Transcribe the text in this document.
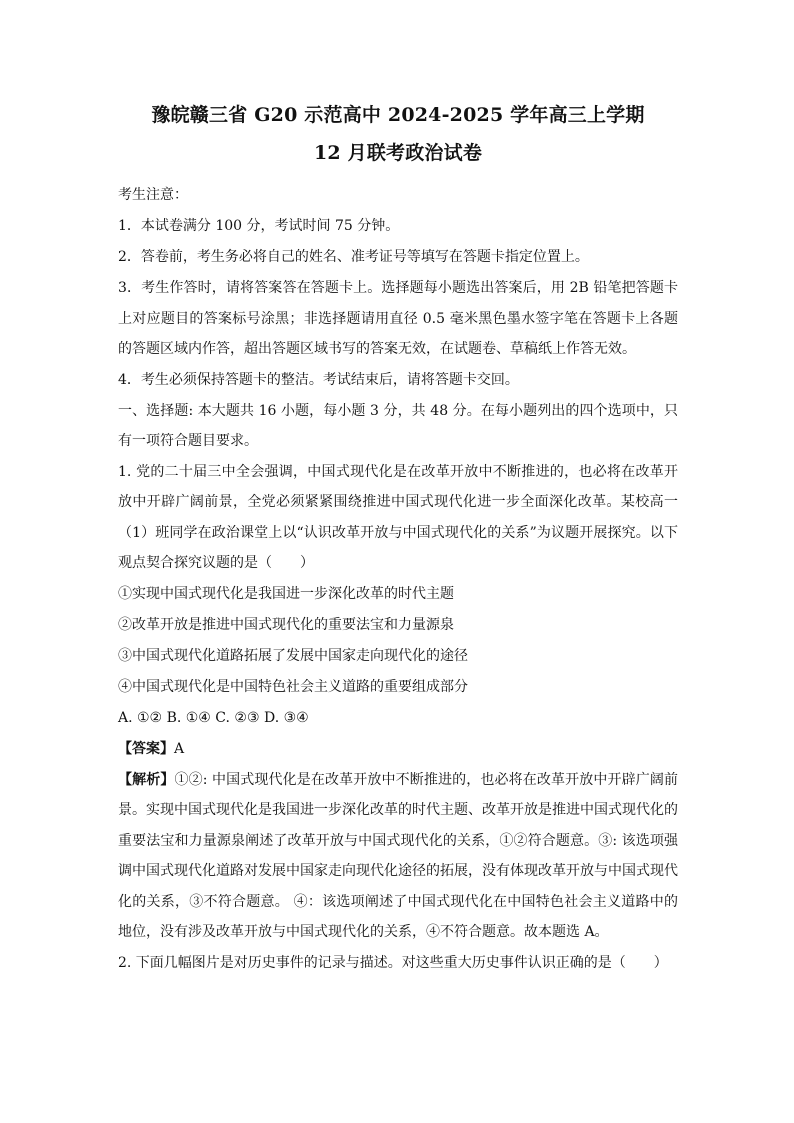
豫皖赣三省 G20 示范高中 2024-2025 学年高三上学期

12 月联考政治试卷

考生注意：

1．本试卷满分 100 分，考试时间 75 分钟。

2．答卷前，考生务必将自己的姓名、准考证号等填写在答题卡指定位置上。

3．考生作答时，请将答案答在答题卡上。选择题每小题选出答案后，用 2B 铅笔把答题卡上对应题目的答案标号涂黑；非选择题请用直径 0.5 毫米黑色墨水签字笔在答题卡上各题的答题区域内作答，超出答题区域书写的答案无效，在试题卷、草稿纸上作答无效。

4．考生必须保持答题卡的整洁。考试结束后，请将答题卡交回。

一、选择题: 本大题共 16 小题，每小题 3 分，共 48 分。在每小题列出的四个选项中，只有一项符合题目要求。

1. 党的二十届三中全会强调，中国式现代化是在改革开放中不断推进的，也必将在改革开放中开辟广阔前景，全党必须紧紧围绕推进中国式现代化进一步全面深化改革。某校高一（1）班同学在政治课堂上以“认识改革开放与中国式现代化的关系”为议题开展探究。以下观点契合探究议题的是（　　）

①实现中国式现代化是我国进一步深化改革的时代主题

②改革开放是推进中国式现代化的重要法宝和力量源泉

③中国式现代化道路拓展了发展中国家走向现代化的途径

④中国式现代化是中国特色社会主义道路的重要组成部分

A. ①② B. ①④ C. ②③ D. ③④

【答案】A

【解析】①②: 中国式现代化是在改革开放中不断推进的，也必将在改革开放中开辟广阔前景。实现中国式现代化是我国进一步深化改革的时代主题、改革开放是推进中国式现代化的重要法宝和力量源泉阐述了改革开放与中国式现代化的关系，①②符合题意。③: 该选项强调中国式现代化道路对发展中国家走向现代化途径的拓展，没有体现改革开放与中国式现代化的关系，③不符合题意。 ④：该选项阐述了中国式现代化在中国特色社会主义道路中的地位，没有涉及改革开放与中国式现代化的关系，④不符合题意。故本题选 A。

2. 下面几幅图片是对历史事件的记录与描述。对这些重大历史事件认识正确的是（　　）
